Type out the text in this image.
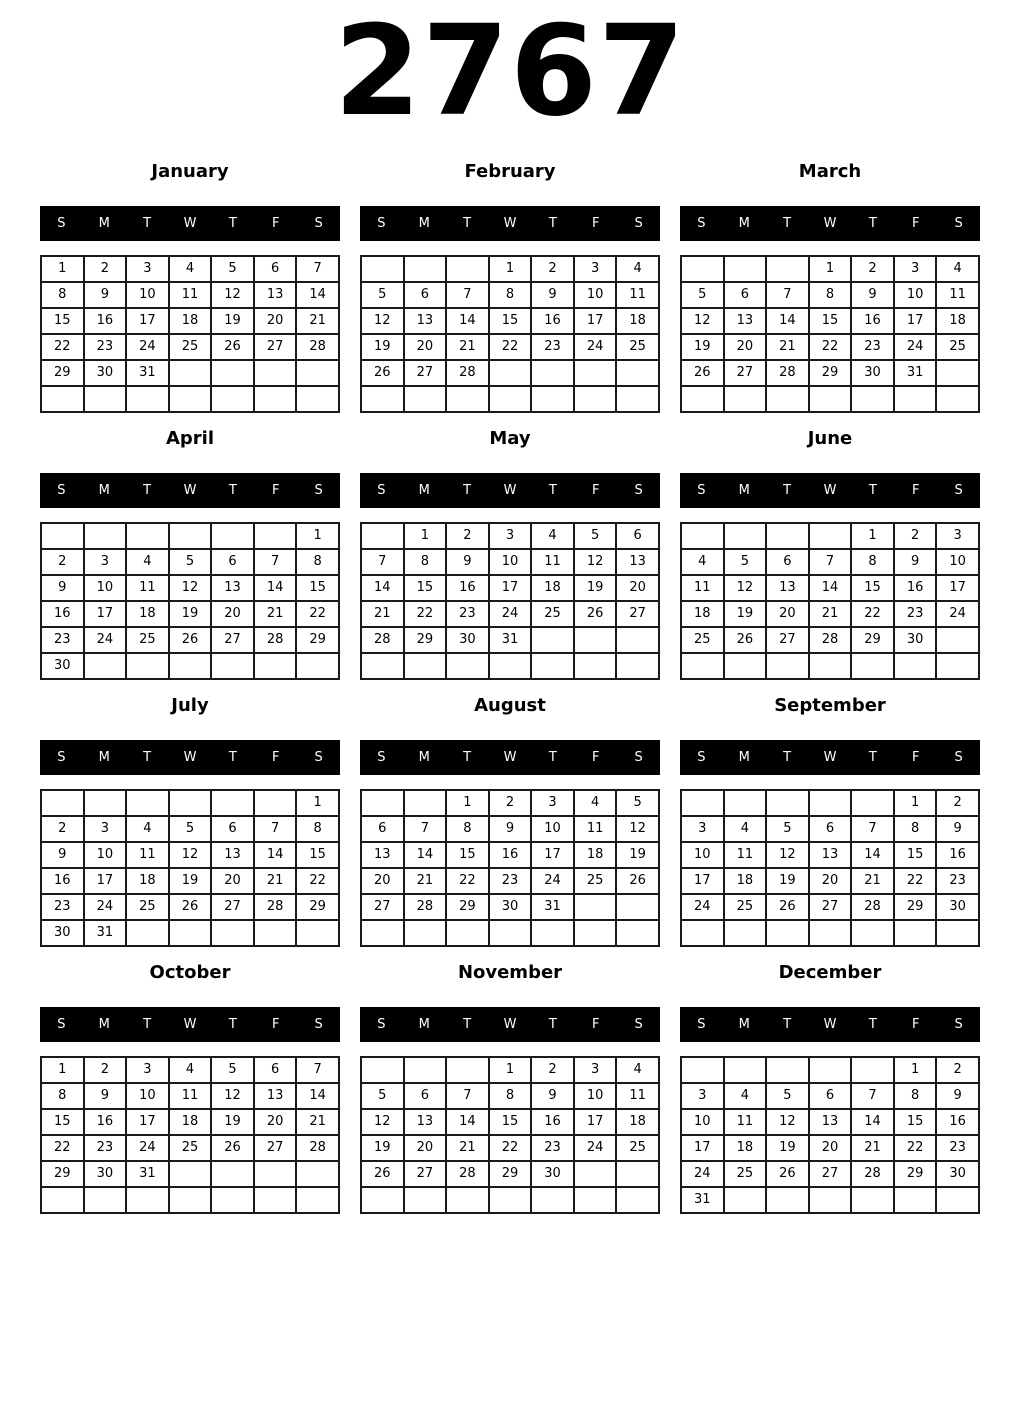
2767
January
S	M	T	W	T	F	S
1	2	3	4	5	6	7
8	9	10	11	12	13	14
15	16	17	18	19	20	21
22	23	24	25	26	27	28
29	30	31				

February
S	M	T	W	T	F	S
			1	2	3	4
5	6	7	8	9	10	11
12	13	14	15	16	17	18
19	20	21	22	23	24	25
26	27	28				

March
S	M	T	W	T	F	S
			1	2	3	4
5	6	7	8	9	10	11
12	13	14	15	16	17	18
19	20	21	22	23	24	25
26	27	28	29	30	31	

April
S	M	T	W	T	F	S
						1
2	3	4	5	6	7	8
9	10	11	12	13	14	15
16	17	18	19	20	21	22
23	24	25	26	27	28	29
30						
May
S	M	T	W	T	F	S
	1	2	3	4	5	6
7	8	9	10	11	12	13
14	15	16	17	18	19	20
21	22	23	24	25	26	27
28	29	30	31			

June
S	M	T	W	T	F	S
				1	2	3
4	5	6	7	8	9	10
11	12	13	14	15	16	17
18	19	20	21	22	23	24
25	26	27	28	29	30	

July
S	M	T	W	T	F	S
						1
2	3	4	5	6	7	8
9	10	11	12	13	14	15
16	17	18	19	20	21	22
23	24	25	26	27	28	29
30	31					
August
S	M	T	W	T	F	S
		1	2	3	4	5
6	7	8	9	10	11	12
13	14	15	16	17	18	19
20	21	22	23	24	25	26
27	28	29	30	31		

September
S	M	T	W	T	F	S
					1	2
3	4	5	6	7	8	9
10	11	12	13	14	15	16
17	18	19	20	21	22	23
24	25	26	27	28	29	30

October
S	M	T	W	T	F	S
1	2	3	4	5	6	7
8	9	10	11	12	13	14
15	16	17	18	19	20	21
22	23	24	25	26	27	28
29	30	31				

November
S	M	T	W	T	F	S
			1	2	3	4
5	6	7	8	9	10	11
12	13	14	15	16	17	18
19	20	21	22	23	24	25
26	27	28	29	30		

December
S	M	T	W	T	F	S
					1	2
3	4	5	6	7	8	9
10	11	12	13	14	15	16
17	18	19	20	21	22	23
24	25	26	27	28	29	30
31						
